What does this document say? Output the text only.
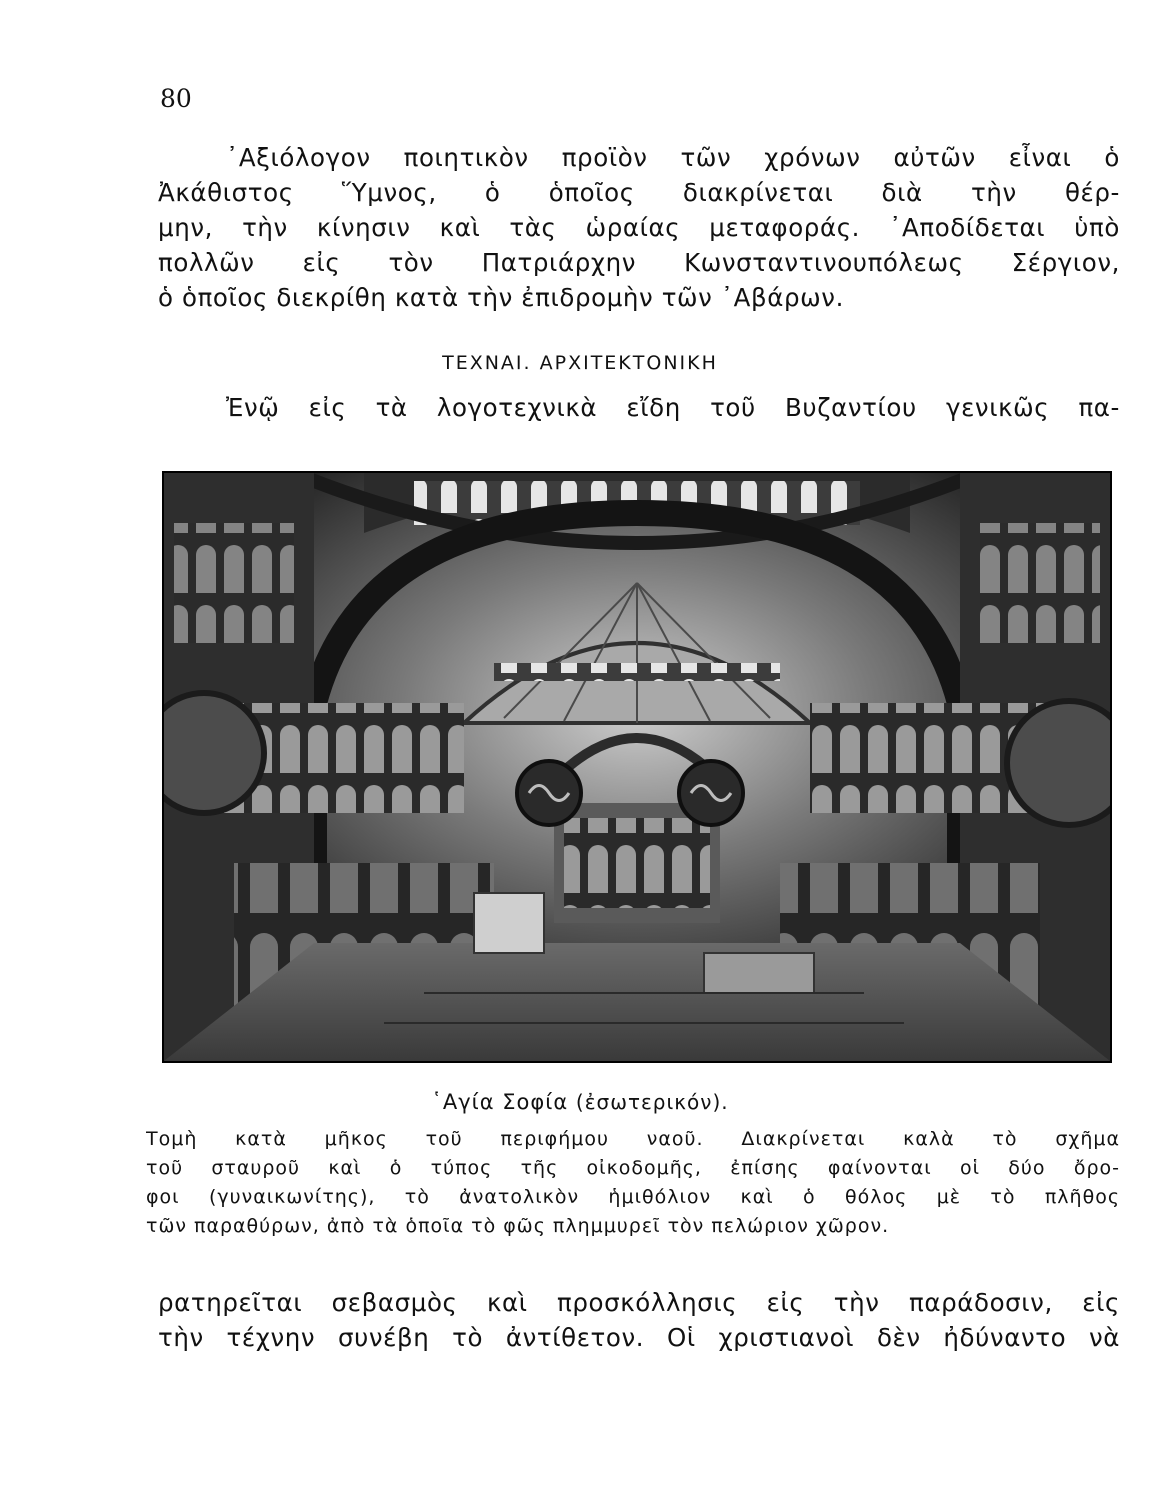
80
᾿Αξιόλογον ποιητικὸν προϊὸν τῶν χρόνων αὐτῶν εἶναι ὁ
Ἀκάθιστος Ὕμνος, ὁ ὁποῖος διακρίνεται διὰ τὴν θέρ-
μην, τὴν κίνησιν καὶ τὰς ὡραίας μεταφοράς. ᾿Αποδίδεται ὑπὸ
πολλῶν εἰς τὸν Πατριάρχην Κωνσταντινουπόλεως Σέργιον,
ὁ ὁποῖος διεκρίθη κατὰ τὴν ἐπιδρομὴν τῶν ᾿Αβάρων.
ΤΕΧΝΑΙ. ΑΡΧΙΤΕΚΤΟΝΙΚΗ
Ἐνῷ εἰς τὰ λογοτεχνικὰ εἴδη τοῦ Βυζαντίου γενικῶς πα-
῾Αγία Σοφία (ἐσωτερικόν).
Τομὴ κατὰ μῆκος τοῦ περιφήμου ναοῦ. Διακρίνεται καλὰ τὸ σχῆμα
τοῦ σταυροῦ καὶ ὁ τύπος τῆς οἰκοδομῆς, ἐπίσης φαίνονται οἱ δύο ὄρο-
φοι (γυναικωνίτης), τὸ ἀνατολικὸν ἡμιθόλιον καὶ ὁ θόλος μὲ τὸ πλῆθος
τῶν παραθύρων, ἀπὸ τὰ ὁποῖα τὸ φῶς πλημμυρεῖ τὸν πελώριον χῶρον.
ρατηρεῖται σεβασμὸς καὶ προσκόλλησις εἰς τὴν παράδοσιν, εἰς
τὴν τέχνην συνέβη τὸ ἀντίθετον. Οἱ χριστιανοὶ δὲν ἠδύναντο νὰ
